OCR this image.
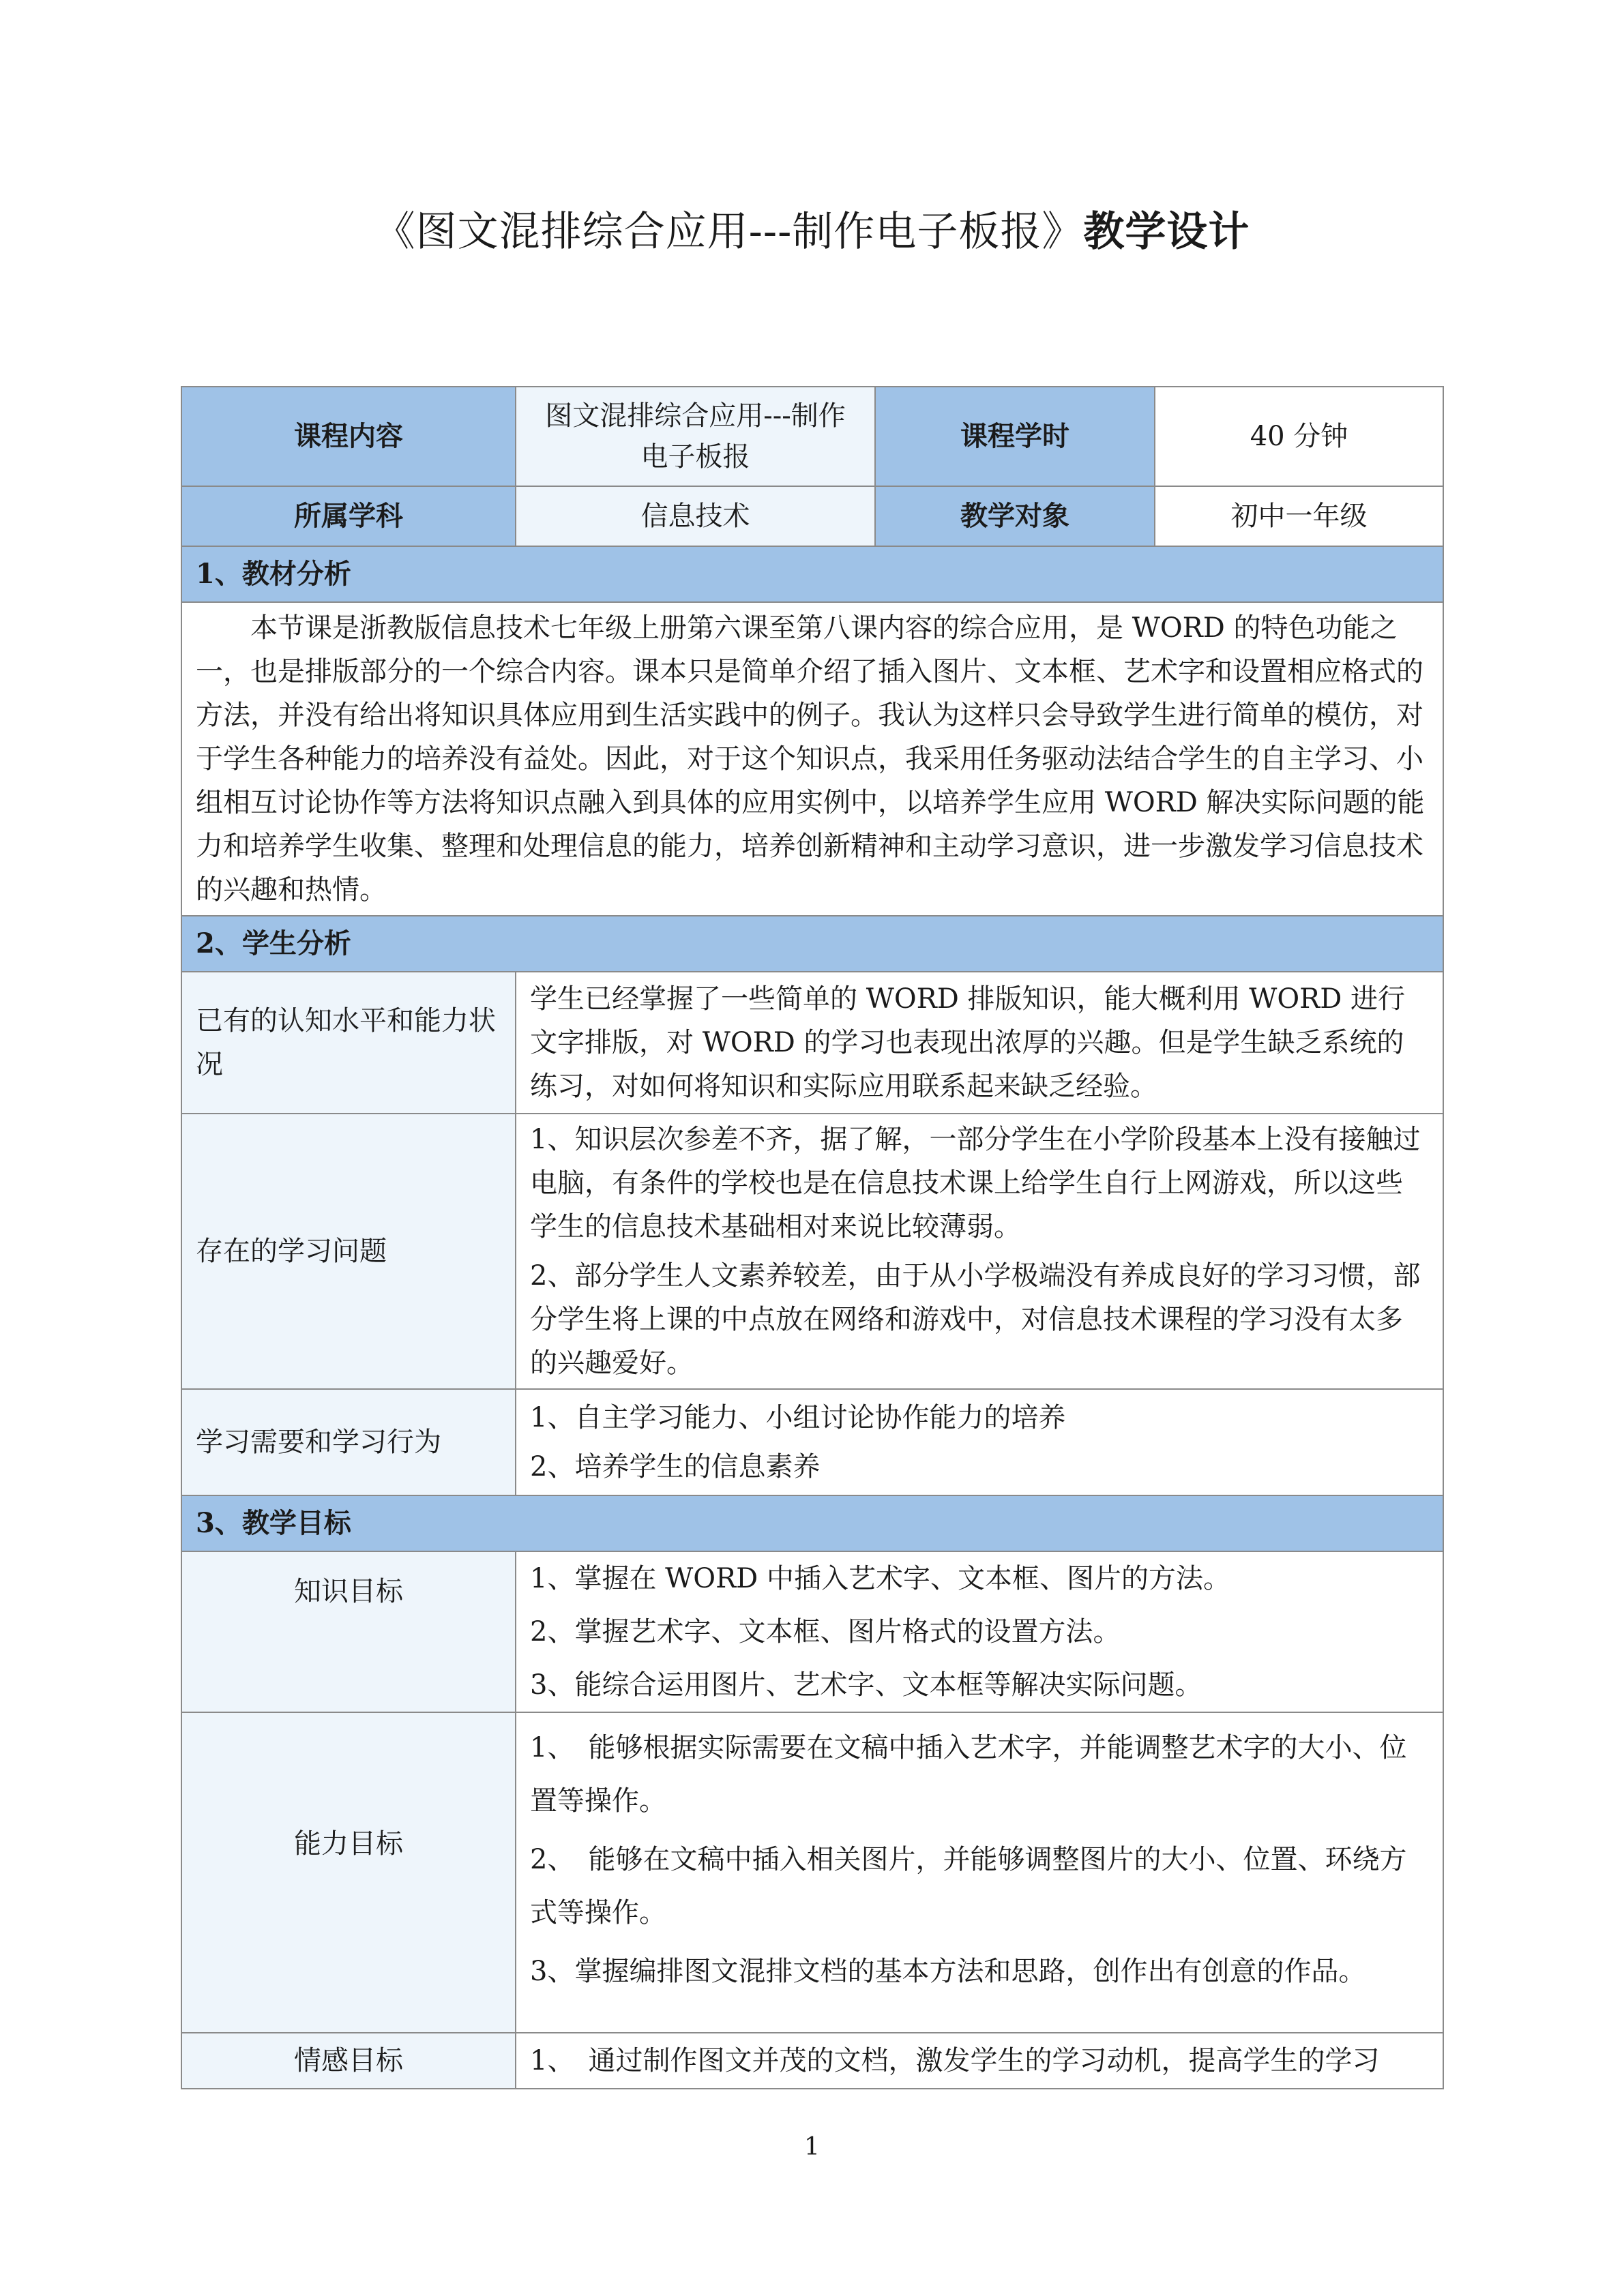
《图文混排综合应用---制作电子板报》教学设计
课程内容	图文混排综合应用---制作电子板报	课程学时	40 分钟
所属学科	信息技术	教学对象	初中一年级
1、教材分析			
本节课是浙教版信息技术七年级上册第六课至第八课内容的综合应用，是 WORD 的特色功能之一，也是排版部分的一个综合内容。课本只是简单介绍了插入图片、文本框、艺术字和设置相应格式的方法，并没有给出将知识具体应用到生活实践中的例子。我认为这样只会导致学生进行简单的模仿，对于学生各种能力的培养没有益处。因此，对于这个知识点，我采用任务驱动法结合学生的自主学习、小组相互讨论协作等方法将知识点融入到具体的应用实例中，以培养学生应用 WORD 解决实际问题的能力和培养学生收集、整理和处理信息的能力，培养创新精神和主动学习意识，进一步激发学习信息技术的兴趣和热情。			
2、学生分析			
已有的认知水平和能力状况	学生已经掌握了一些简单的 WORD 排版知识，能大概利用 WORD 进行文字排版，对 WORD 的学习也表现出浓厚的兴趣。但是学生缺乏系统的练习，对如何将知识和实际应用联系起来缺乏经验。		

存在的学习问题	1、知识层次参差不齐，据了解，一部分学生在小学阶段基本上没有接触过电脑，有条件的学校也是在信息技术课上给学生自行上网游戏，所以这些学生的信息技术基础相对来说比较薄弱。

2、部分学生人文素养较差，由于从小学极端没有养成良好的学习习惯，部分学生将上课的中点放在网络和游戏中，对信息技术课程的学习没有太多的兴趣爱好。		

学习需要和学习行为	1、自主学习能力、小组讨论协作能力的培养

2、培养学生的信息素养		

3、教学目标			
知识目标	1、掌握在 WORD 中插入艺术字、文本框、图片的方法。

2、掌握艺术字、文本框、图片格式的设置方法。

3、能综合运用图片、艺术字、文本框等解决实际问题。		

能力目标	1、　能够根据实际需要在文稿中插入艺术字，并能调整艺术字的大小、位置等操作。

2、　能够在文稿中插入相关图片，并能够调整图片的大小、位置、环绕方式等操作。

3、掌握编排图文混排文档的基本方法和思路，创作出有创意的作品。		

情感目标	1、　通过制作图文并茂的文档，激发学生的学习动机，提高学生的学习		

1
